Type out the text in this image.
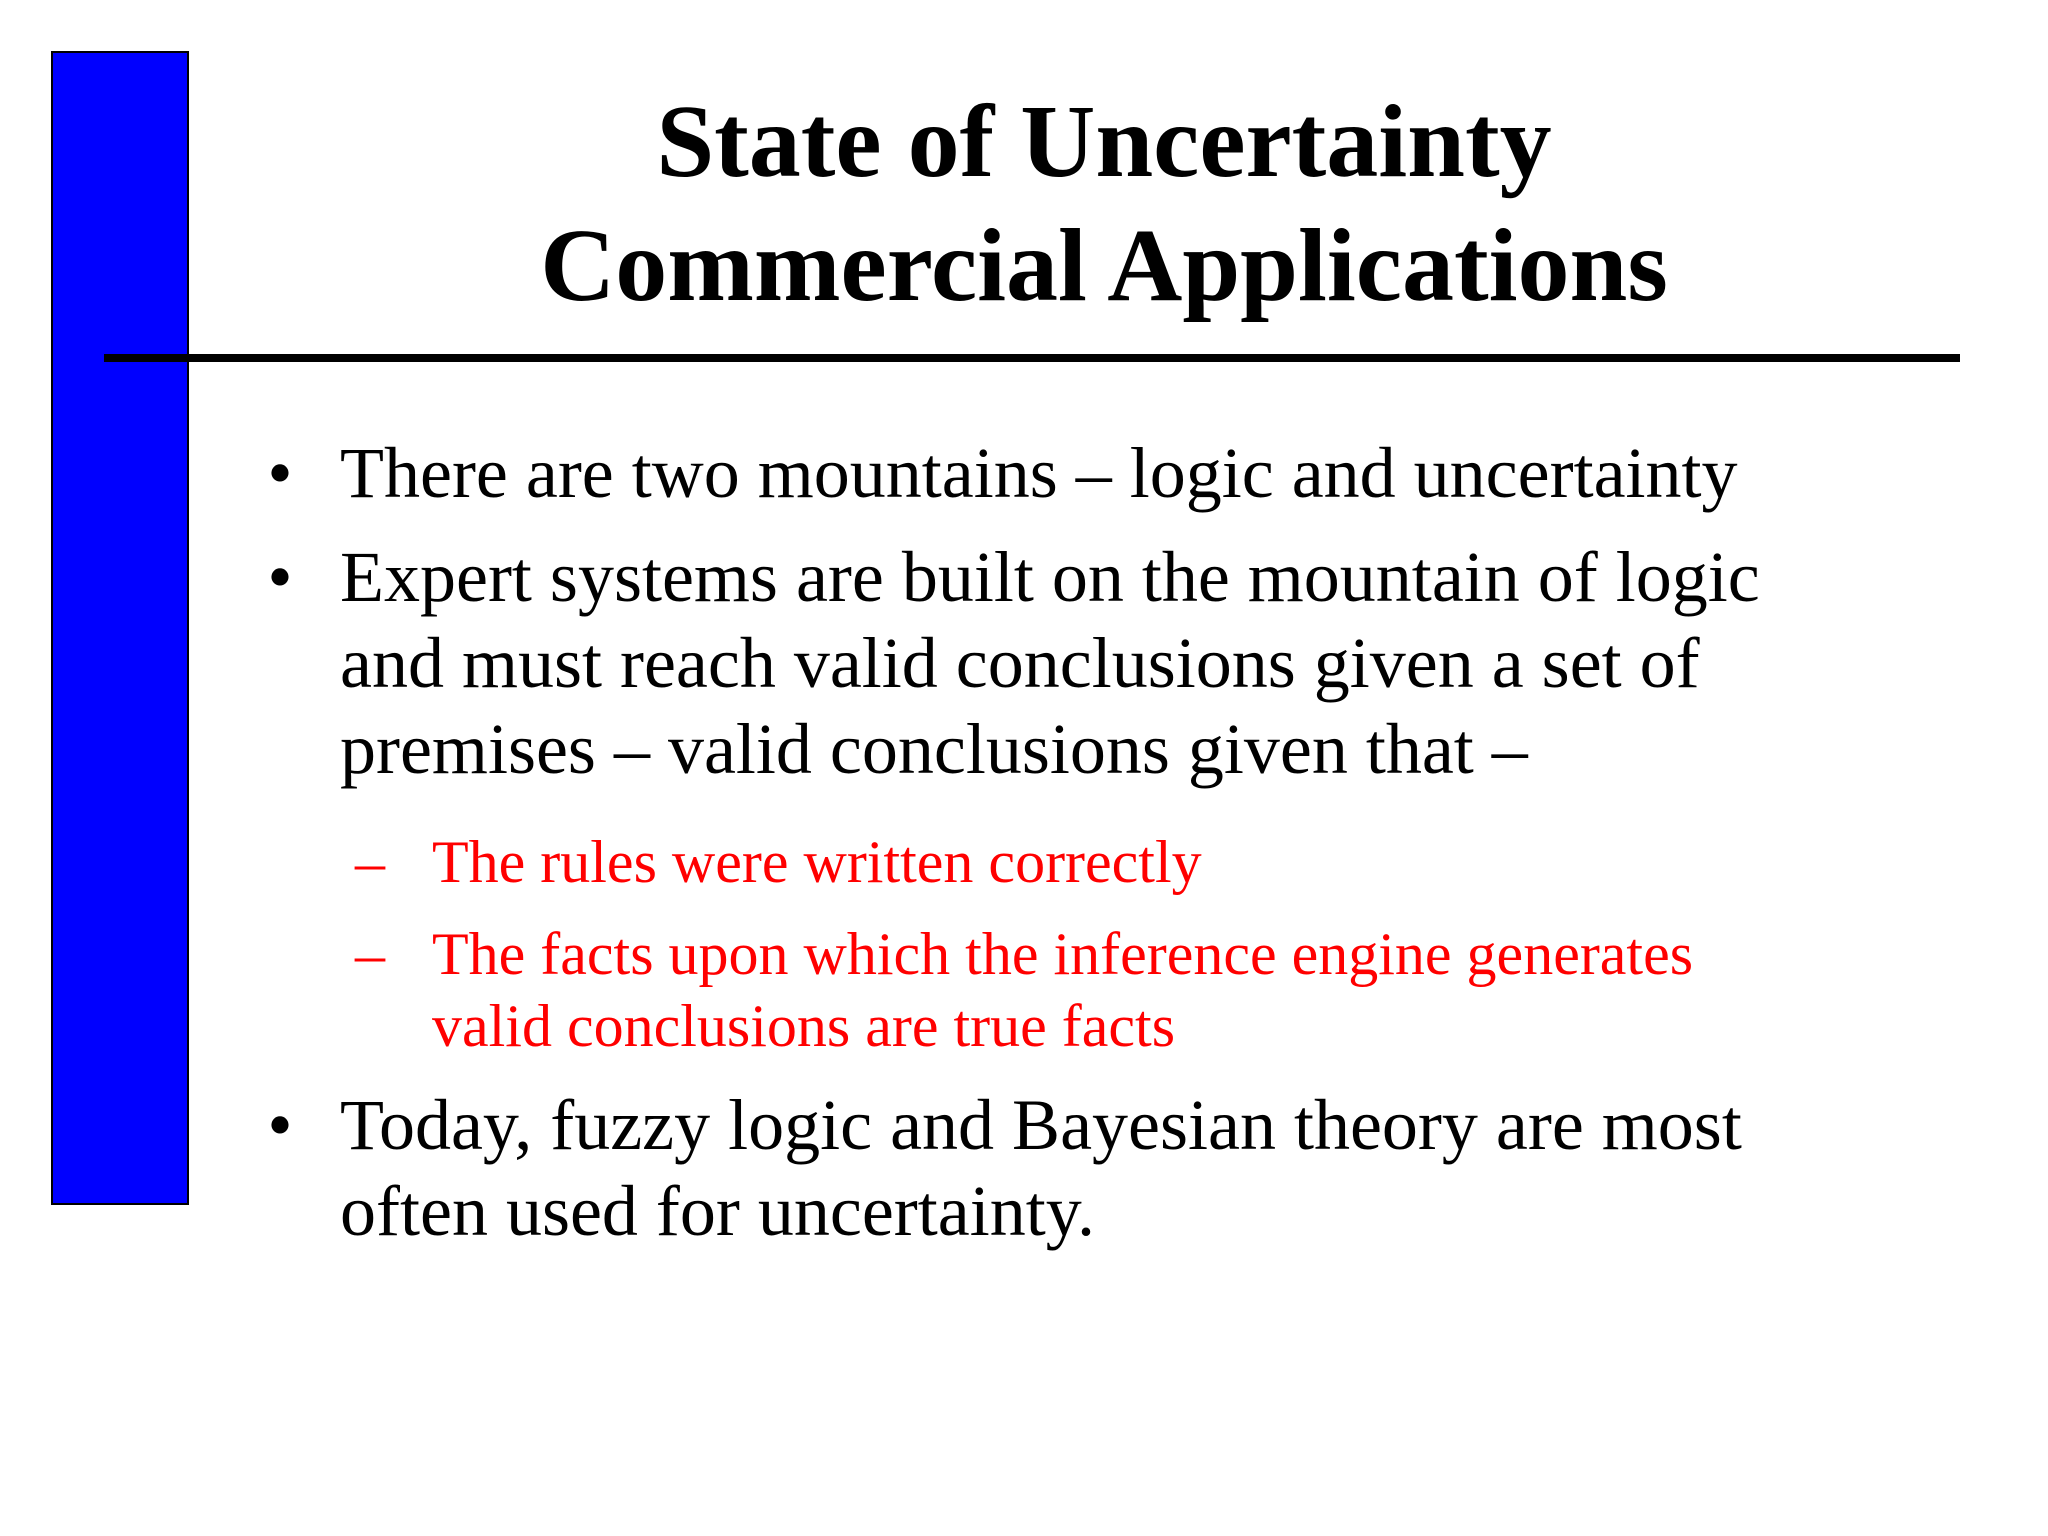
State of Uncertainty
Commercial Applications
• There are two mountains – logic and uncertainty
• Expert systems are built on the mountain of logic
and must reach valid conclusions given a set of
premises – valid conclusions given that –
– The rules were written correctly
– The facts upon which the inference engine generates
valid conclusions are true facts
• Today, fuzzy logic and Bayesian theory are most
often used for uncertainty.
